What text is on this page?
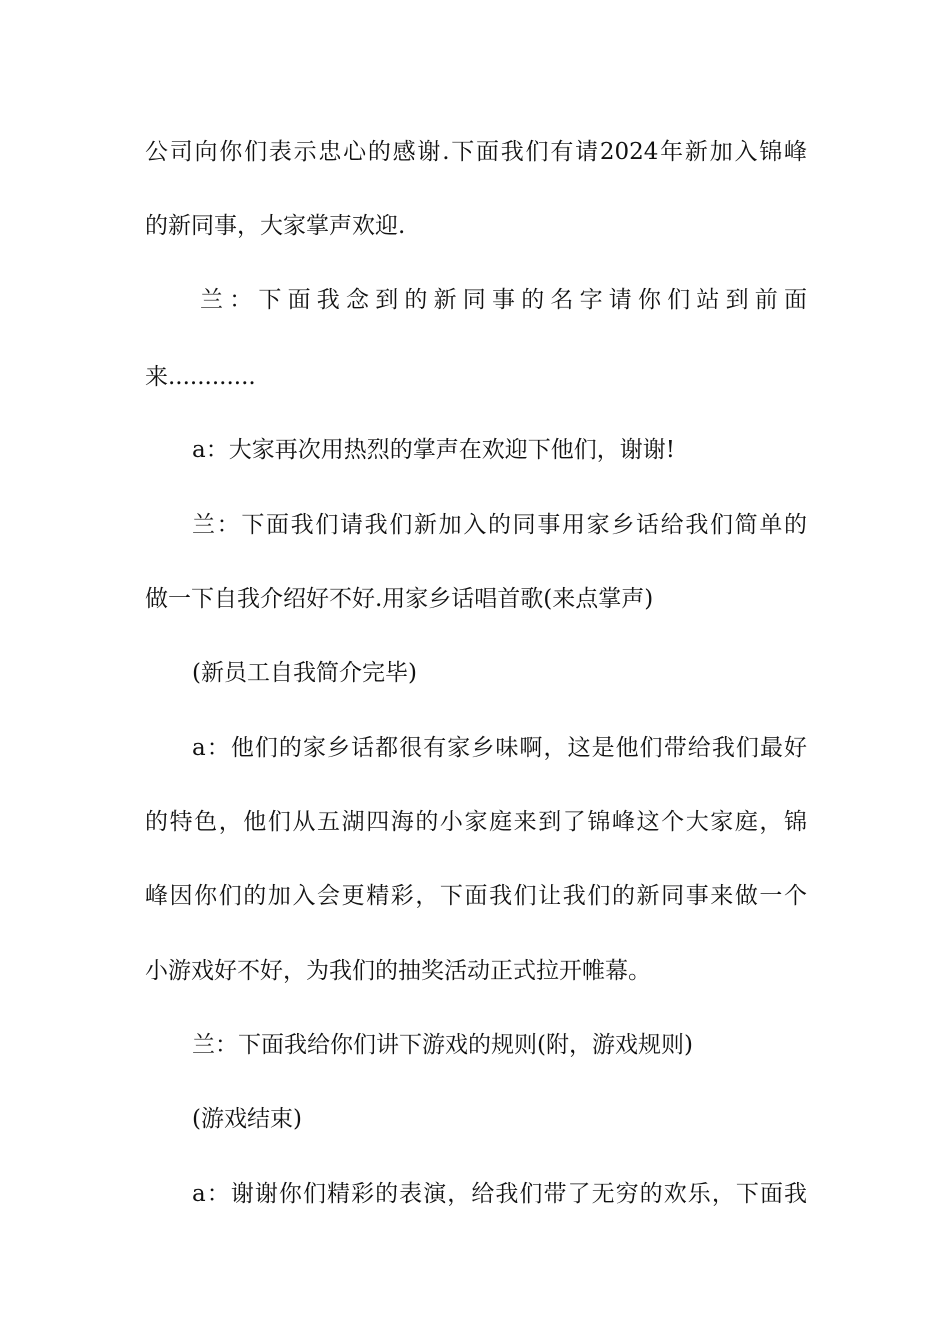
公司向你们表示忠心的感谢.下面我们有请2024年新加入锦峰
的新同事，大家掌声欢迎.
兰：下面我念到的新同事的名字请你们站到前面
来............
a：大家再次用热烈的掌声在欢迎下他们，谢谢!
兰：下面我们请我们新加入的同事用家乡话给我们简单的
做一下自我介绍好不好.用家乡话唱首歌(来点掌声)
(新员工自我简介完毕)
a：他们的家乡话都很有家乡味啊，这是他们带给我们最好
的特色，他们从五湖四海的小家庭来到了锦峰这个大家庭，锦
峰因你们的加入会更精彩，下面我们让我们的新同事来做一个
小游戏好不好，为我们的抽奖活动正式拉开帷幕。
兰：下面我给你们讲下游戏的规则(附，游戏规则)
(游戏结束)
a：谢谢你们精彩的表演，给我们带了无穷的欢乐，下面我
